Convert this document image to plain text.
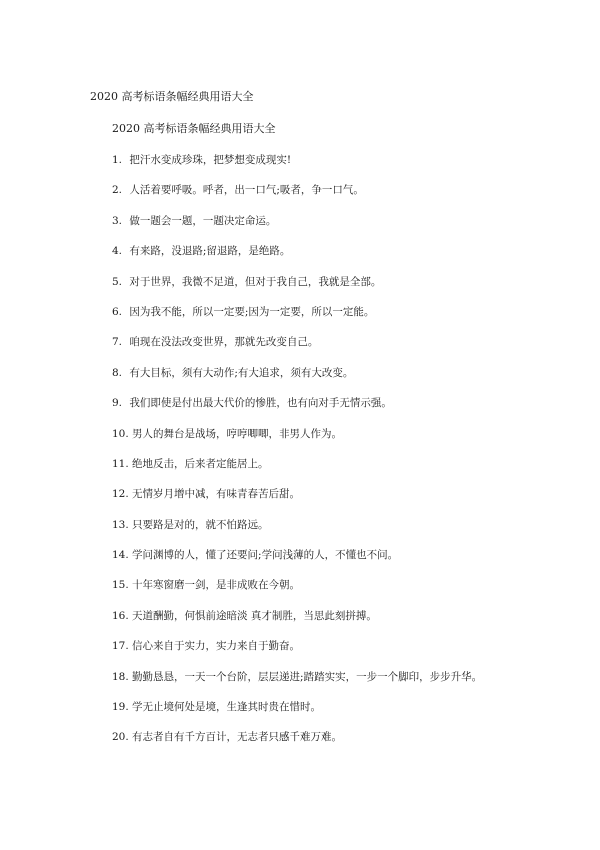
2020 高考标语条幅经典用语大全
2020 高考标语条幅经典用语大全
1. 把汗水变成珍珠，把梦想变成现实!
2. 人活着要呼吸。呼者，出一口气;吸者，争一口气。
3. 做一题会一题，一题决定命运。
4. 有来路，没退路;留退路，是绝路。
5. 对于世界，我微不足道，但对于我自己，我就是全部。
6. 因为我不能，所以一定要;因为一定要，所以一定能。
7. 咱现在没法改变世界，那就先改变自己。
8. 有大目标，须有大动作;有大追求，须有大改变。
9. 我们即使是付出最大代价的惨胜，也有向对手无情示强。
10. 男人的舞台是战场，哼哼唧唧，非男人作为。
11. 绝地反击，后来者定能居上。
12. 无情岁月增中减，有味青春苦后甜。
13. 只要路是对的，就不怕路远。
14. 学问渊博的人，懂了还要问;学问浅薄的人，不懂也不问。
15. 十年寒窗磨一剑，是非成败在今朝。
16. 天道酬勤，何惧前途暗淡 真才制胜，当思此刻拼搏。
17. 信心来自于实力，实力来自于勤奋。
18. 勤勤恳恳，一天一个台阶，层层递进;踏踏实实，一步一个脚印，步步升华。
19. 学无止境何处是境，生逢其时贵在惜时。
20. 有志者自有千方百计，无志者只感千难万难。
